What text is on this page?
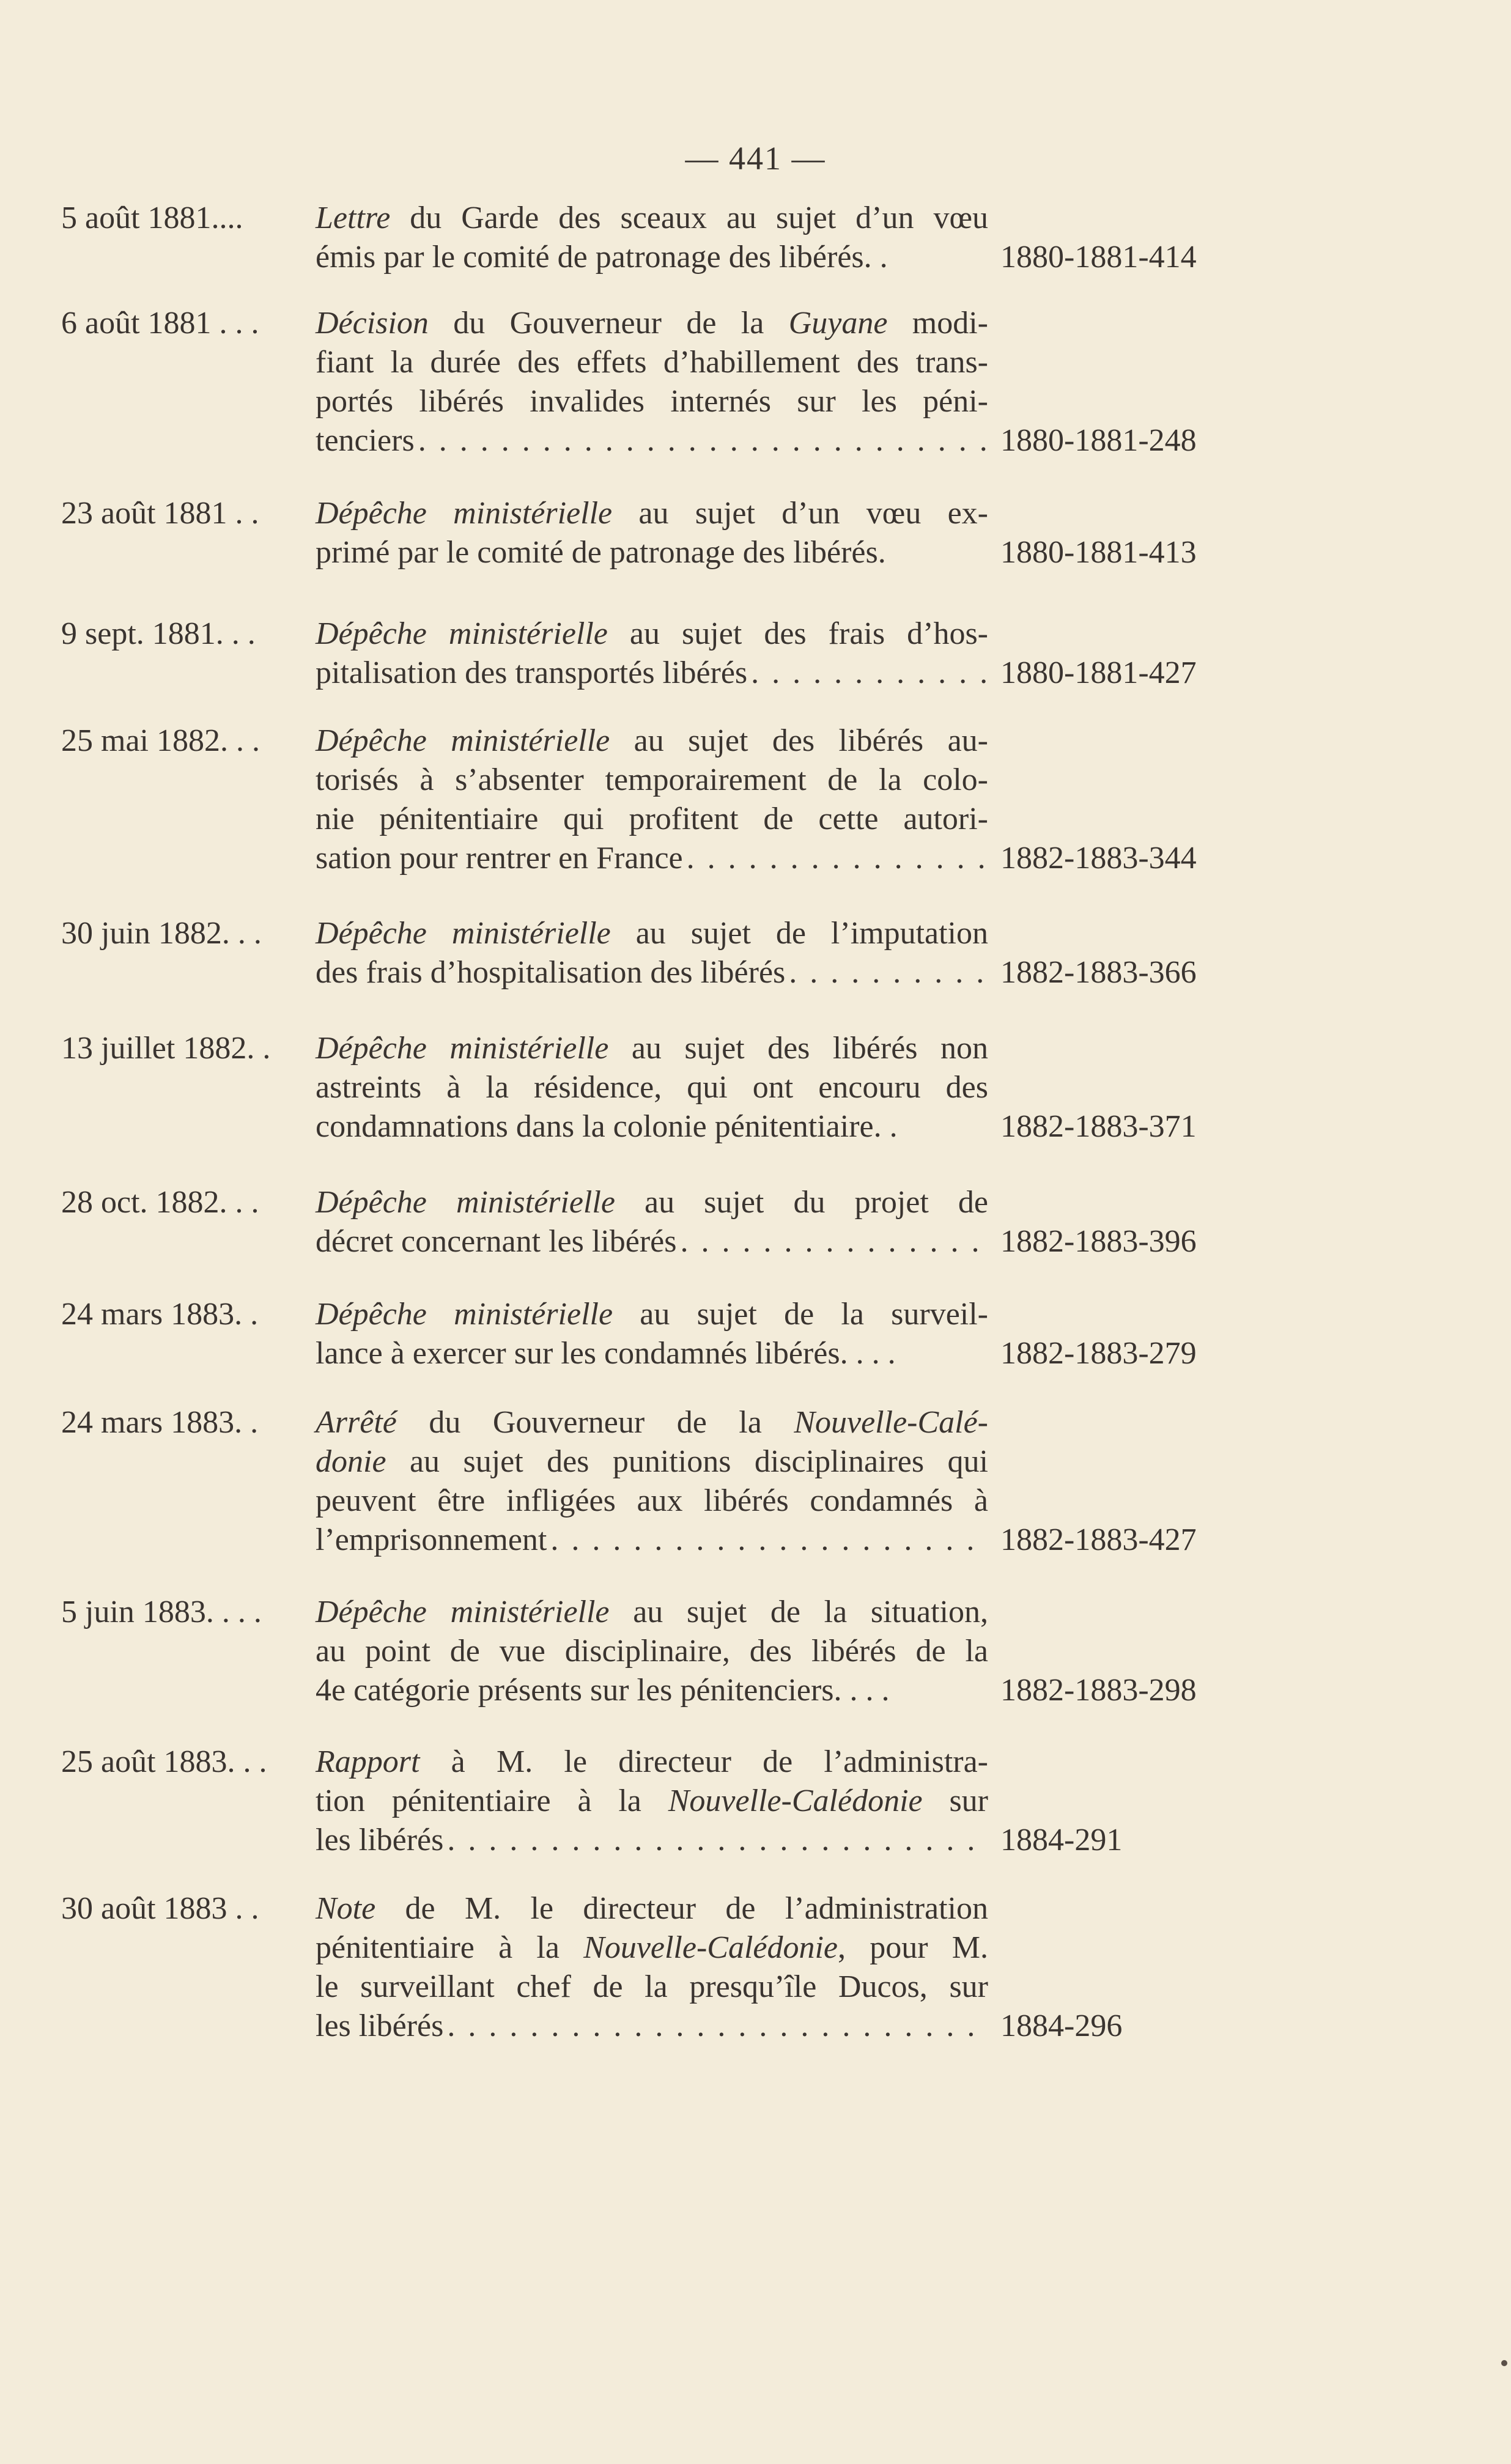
— 441 —
5 août 1881.... Lettre du Garde des sceaux au sujet d’un vœu
émis par le comité de patronage des libérés. .	1880-1881-414
6 août 1881 . . . Décision du Gouverneur de la Guyane modi-
fiant la durée des effets d’habillement des trans-
portés libérés invalides internés sur les péni-
tenciers . . .	1880-1881-248
23 août 1881 . . Dépêche ministérielle au sujet d’un vœu ex-
primé par le comité de patronage des libérés.	1880-1881-413
9 sept. 1881. . . Dépêche ministérielle au sujet des frais d’hos-
pitalisation des transportés libérés . . .	1880-1881-427
25 mai 1882. . . Dépêche ministérielle au sujet des libérés au-
torisés à s’absenter temporairement de la colo-
nie pénitentiaire qui profitent de cette autori-
sation pour rentrer en France . . .	1882-1883-344
30 juin 1882. . . Dépêche ministérielle au sujet de l’imputation
des frais d’hospitalisation des libérés . . .	1882-1883-366
13 juillet 1882. . Dépêche ministérielle au sujet des libérés non
astreints à la résidence, qui ont encouru des
condamnations dans la colonie pénitentiaire. .	1882-1883-371
28 oct. 1882. . . Dépêche ministérielle au sujet du projet de
décret concernant les libérés . . .	1882-1883-396
24 mars 1883. . Dépêche ministérielle au sujet de la surveil-
lance à exercer sur les condamnés libérés. . . .	1882-1883-279
24 mars 1883. . Arrêté du Gouverneur de la Nouvelle-Calé-
donie au sujet des punitions disciplinaires qui
peuvent être infligées aux libérés condamnés à
l’emprisonnement . . .	1882-1883-427
5 juin 1883. . . . Dépêche ministérielle au sujet de la situation,
au point de vue disciplinaire, des libérés de la
4e catégorie présents sur les pénitenciers. . . .	1882-1883-298
25 août 1883. . . Rapport à M. le directeur de l’administra-
tion pénitentiaire à la Nouvelle-Calédonie sur
les libérés . . .	1884-291
30 août 1883 . . Note de M. le directeur de l’administration
pénitentiaire à la Nouvelle-Calédonie, pour M.
le surveillant chef de la presqu’île Ducos, sur
les libérés . . .	1884-296
